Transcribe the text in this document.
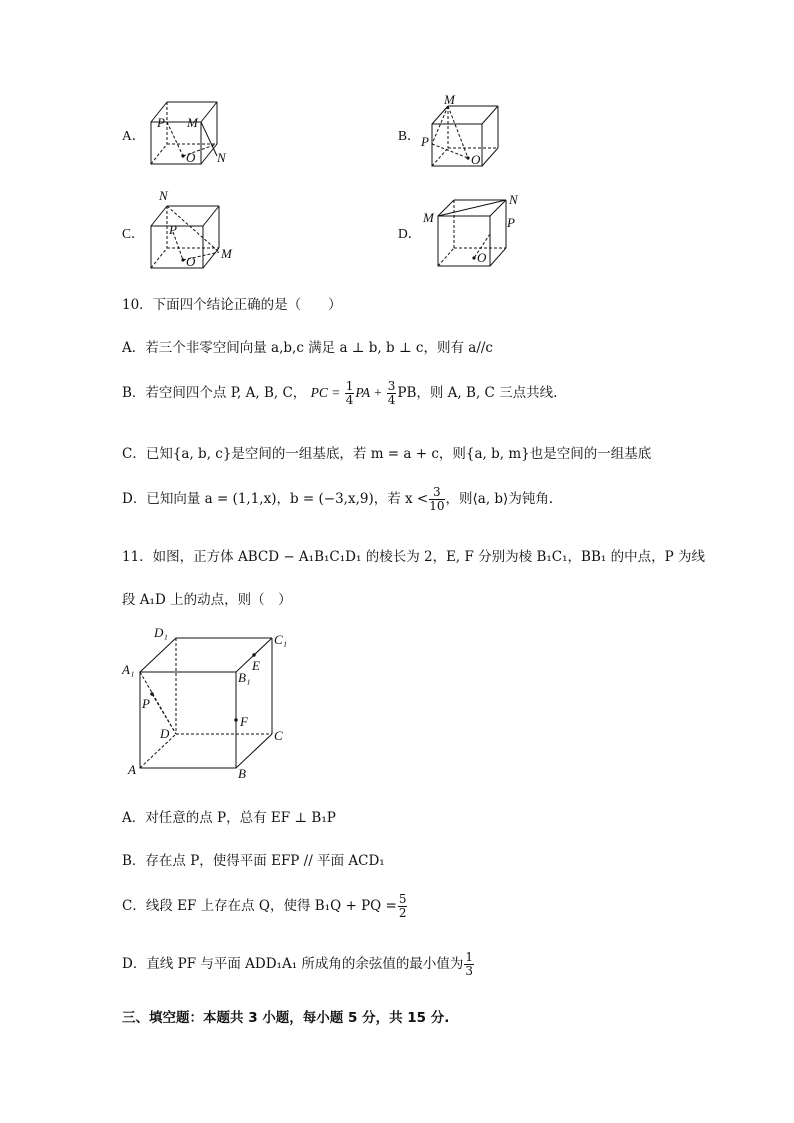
A．
P M
O N
B．
M
P
O
C．
N
P
O
M
D．
M
N
P
O
10．下面四个结论正确的是（　　）
A．若三个非零空间向量 a,b,c 满足 a ⊥ b, b ⊥ c，则有 a//c
B．若空间四个点 P, A, B, C， PC = $\frac{1}{4}$ PA + $\frac{3}{4}$ PB，则 A, B, C 三点共线.
C．已知{a, b, c}是空间的一组基底，若 m = a + c，则{a, b, m}也是空间的一组基底
D．已知向量 a = (1,1,x)，b = (−3,x,9)，若 $x < \frac{3}{10}$ ，则⟨a, b⟩为钝角.
11．如图，正方体 ABCD − A₁B₁C₁D₁ 的棱长为 2，E, F 分别为棱 B₁C₁，BB₁ 的中点，P 为线
段 A₁D 上的动点，则（　）
D₁	C₁
A₁
B₁
E
P
F
D	C
A	B
A．对任意的点 P，总有 EF ⊥ B₁P
B．存在点 P，使得平面 EFP // 平面 ACD₁
C．线段 EF 上存在点 Q，使得 B₁Q + PQ = $\frac{5}{2}$
D．直线 PF 与平面 ADD₁A₁ 所成角的余弦值的最小值为 $\frac{1}{3}$
三、填空题：本题共 3 小题，每小题 5 分，共 15 分.
